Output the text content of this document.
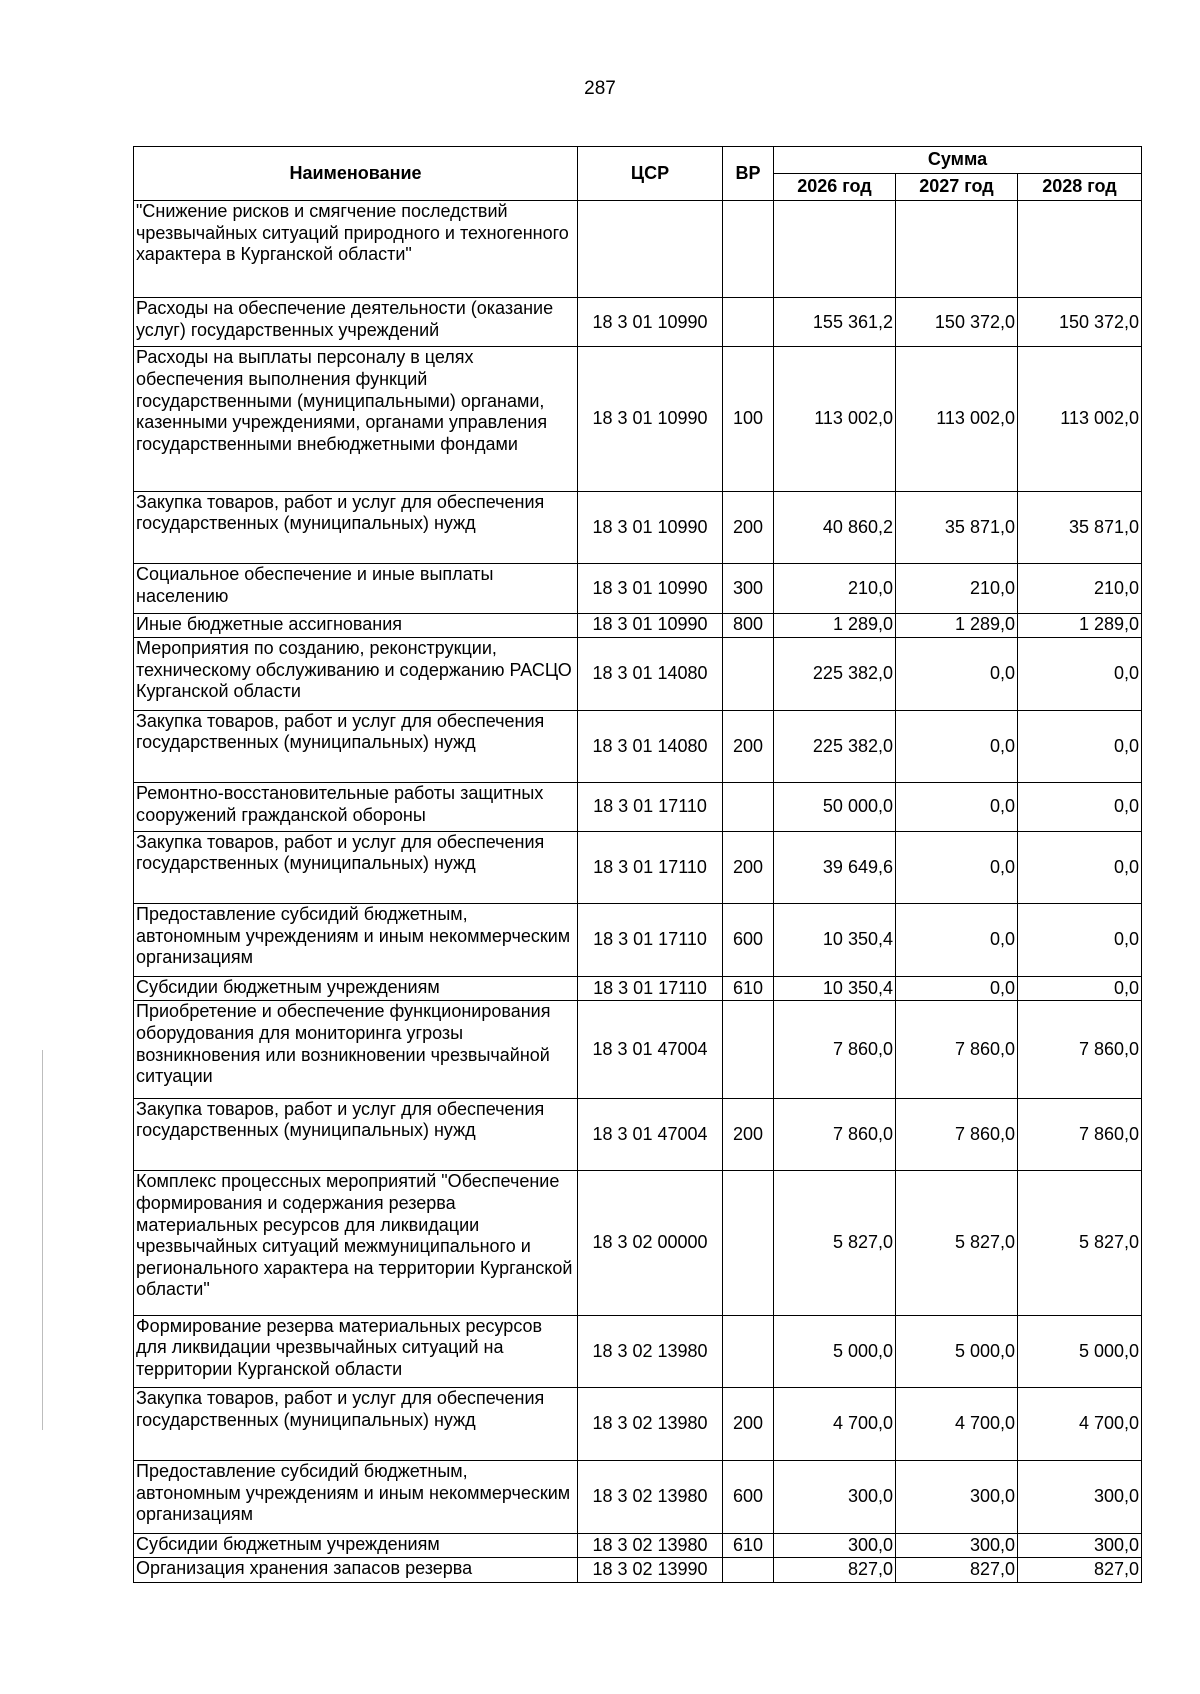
287
Наименование	ЦСР	ВР	Сумма		
			2026 год	2027 год	2028 год
"Снижение рисков и смягчение последствий чрезвычайных ситуаций природного и техногенного характера в Курганской области"					
Расходы на обеспечение деятельности (оказание услуг) государственных учреждений	18 3 01 10990		155 361,2	150 372,0	150 372,0
Расходы на выплаты персоналу в целях обеспечения выполнения функций государственными (муниципальными) органами, казенными учреждениями, органами управления государственными внебюджетными фондами	18 3 01 10990	100	113 002,0	113 002,0	113 002,0
Закупка товаров, работ и услуг для обеспечения государственных (муниципальных) нужд	18 3 01 10990	200	40 860,2	35 871,0	35 871,0
Социальное обеспечение и иные выплаты населению	18 3 01 10990	300	210,0	210,0	210,0
Иные бюджетные ассигнования	18 3 01 10990	800	1 289,0	1 289,0	1 289,0
Мероприятия по созданию, реконструкции, техническому обслуживанию и содержанию РАСЦО Курганской области	18 3 01 14080		225 382,0	0,0	0,0
Закупка товаров, работ и услуг для обеспечения государственных (муниципальных) нужд	18 3 01 14080	200	225 382,0	0,0	0,0
Ремонтно-восстановительные работы защитных сооружений гражданской обороны	18 3 01 17110		50 000,0	0,0	0,0
Закупка товаров, работ и услуг для обеспечения государственных (муниципальных) нужд	18 3 01 17110	200	39 649,6	0,0	0,0
Предоставление субсидий бюджетным, автономным учреждениям и иным некоммерческим организациям	18 3 01 17110	600	10 350,4	0,0	0,0
Субсидии бюджетным учреждениям	18 3 01 17110	610	10 350,4	0,0	0,0
Приобретение и обеспечение функционирования оборудования для мониторинга угрозы возникновения или возникновении чрезвычайной ситуации	18 3 01 47004		7 860,0	7 860,0	7 860,0
Закупка товаров, работ и услуг для обеспечения государственных (муниципальных) нужд	18 3 01 47004	200	7 860,0	7 860,0	7 860,0
Комплекс процессных мероприятий "Обеспечение формирования и содержания резерва материальных ресурсов для ликвидации чрезвычайных ситуаций межмуниципального и регионального характера на территории Курганской области"	18 3 02 00000		5 827,0	5 827,0	5 827,0
Формирование резерва материальных ресурсов для ликвидации чрезвычайных ситуаций на территории Курганской области	18 3 02 13980		5 000,0	5 000,0	5 000,0
Закупка товаров, работ и услуг для обеспечения государственных (муниципальных) нужд	18 3 02 13980	200	4 700,0	4 700,0	4 700,0
Предоставление субсидий бюджетным, автономным учреждениям и иным некоммерческим организациям	18 3 02 13980	600	300,0	300,0	300,0
Субсидии бюджетным учреждениям	18 3 02 13980	610	300,0	300,0	300,0
Организация хранения запасов резерва	18 3 02 13990		827,0	827,0	827,0
